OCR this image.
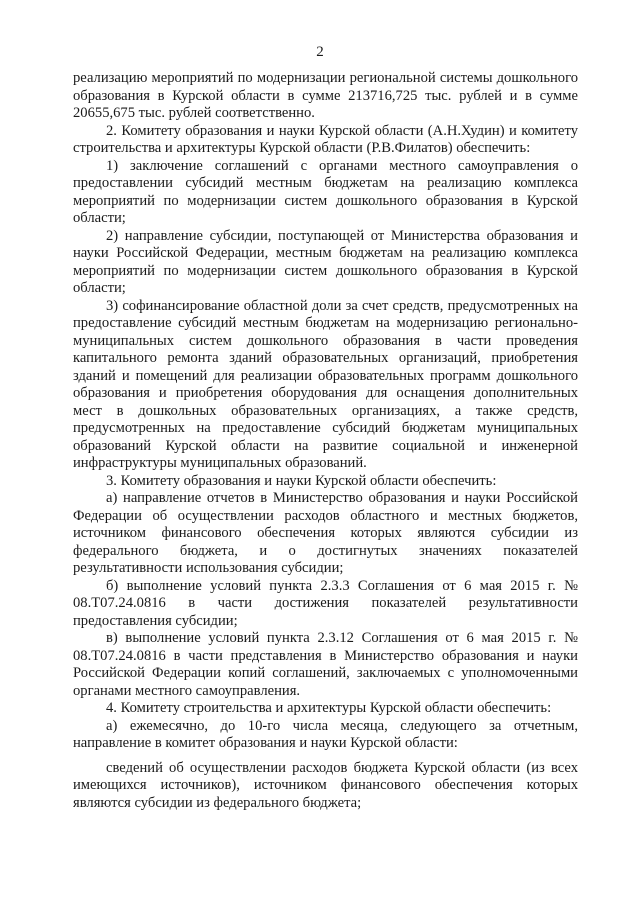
2

реализацию мероприятий по модернизации региональной системы дошкольного образования в Курской области в сумме 213716,725 тыс. рублей и в сумме 20655,675 тыс. рублей соответственно.

2. Комитету образования и науки Курской области (А.Н.Худин) и комитету строительства и архитектуры Курской области (Р.В.Филатов) обеспечить:

1) заключение соглашений с органами местного самоуправления о предоставлении субсидий местным бюджетам на реализацию комплекса мероприятий по модернизации систем дошкольного образования в Курской области;

2) направление субсидии, поступающей от Министерства образования и науки Российской Федерации, местным бюджетам на реализацию комплекса мероприятий по модернизации систем дошкольного образования в Курской области;

3) софинансирование областной доли за счет средств, предусмотренных на предоставление субсидий местным бюджетам на модернизацию регионально-муниципальных систем дошкольного образования в части проведения капитального ремонта зданий образовательных организаций, приобретения зданий и помещений для реализации образовательных программ дошкольного образования и приобретения оборудования для оснащения дополнительных мест в дошкольных образовательных организациях, а также средств, предусмотренных на предоставление субсидий бюджетам муниципальных образований Курской области на развитие социальной и инженерной инфраструктуры муниципальных образований.

3. Комитету образования и науки Курской области обеспечить:

а) направление отчетов в Министерство образования и науки Российской Федерации об осуществлении расходов областного и местных бюджетов, источником финансового обеспечения которых являются субсидии из федерального бюджета, и о достигнутых значениях показателей результативности использования субсидии;

б) выполнение условий пункта 2.3.3 Соглашения от 6 мая 2015 г. № 08.Т07.24.0816 в части достижения показателей результативности предоставления субсидии;

в) выполнение условий пункта 2.3.12 Соглашения от 6 мая 2015 г. № 08.Т07.24.0816 в части представления в Министерство образования и науки Российской Федерации копий соглашений, заключаемых с уполномоченными органами местного самоуправления.

4. Комитету строительства и архитектуры Курской области обеспечить:

а) ежемесячно, до 10-го числа месяца, следующего за отчетным, направление в комитет образования и науки Курской области:

сведений об осуществлении расходов бюджета Курской области (из всех имеющихся источников), источником финансового обеспечения которых являются субсидии из федерального бюджета;
